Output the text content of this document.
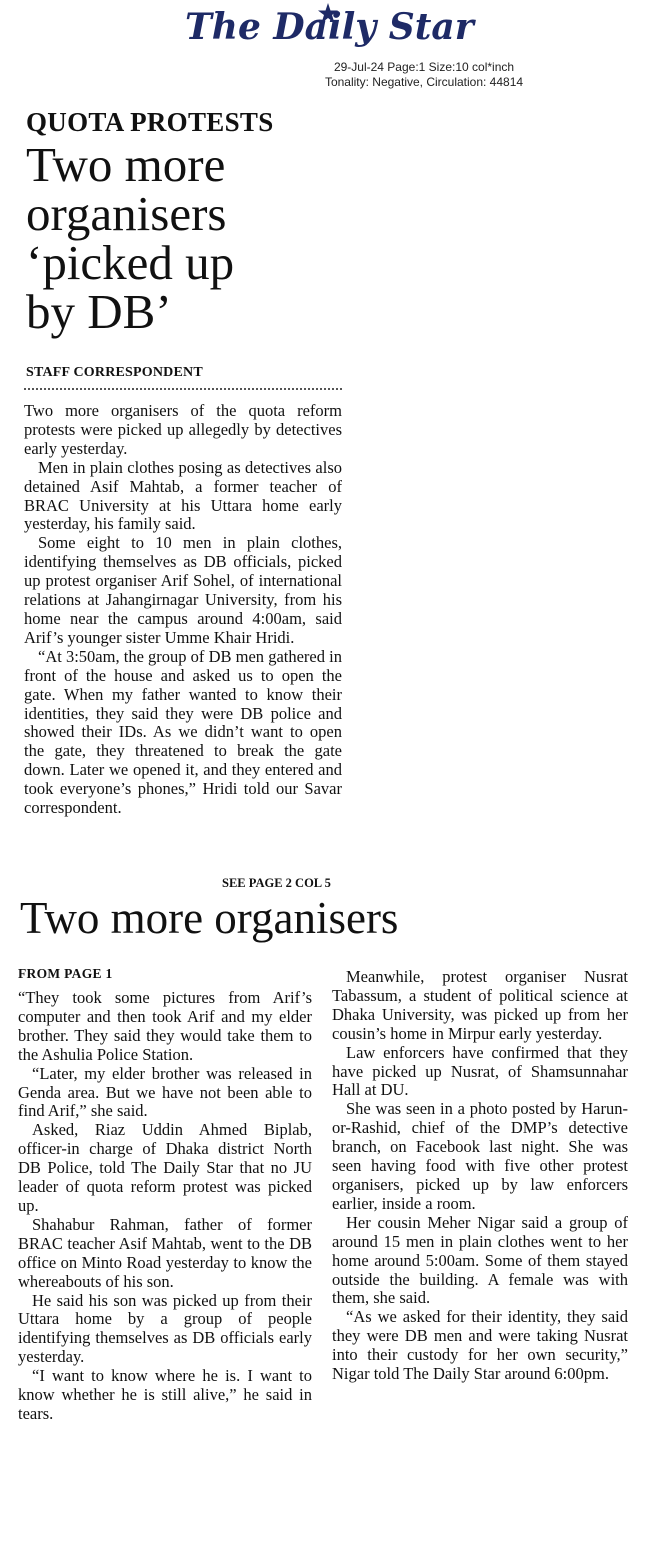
The Daily Star
29-Jul-24 Page:1 Size:10 col*inch
Tonality: Negative, Circulation: 44814
QUOTA PROTESTS
Two more
organisers
‘picked up
by DB’
STAFF CORRESPONDENT

Two more organisers of the quota reform protests were picked up allegedly by detectives early yesterday.

Men in plain clothes posing as detectives also detained Asif Mahtab, a former teacher of BRAC University at his Uttara home early yesterday, his family said.

Some eight to 10 men in plain clothes, identifying themselves as DB officials, picked up protest organiser Arif Sohel, of international relations at Jahangirnagar University, from his home near the campus around 4:00am, said Arif’s younger sister Umme Khair Hridi.

“At 3:50am, the group of DB men gathered in front of the house and asked us to open the gate. When my father wanted to know their identities, they said they were DB police and showed their IDs. As we didn’t want to open the gate, they threatened to break the gate down. Later we opened it, and they entered and took everyone’s phones,” Hridi told our Savar correspondent.

SEE PAGE 2 COL 5
Two more organisers
FROM PAGE 1

“They took some pictures from Arif’s computer and then took Arif and my elder brother. They said they would take them to the Ashulia Police Station.

“Later, my elder brother was released in Genda area. But we have not been able to find Arif,” she said.

Asked, Riaz Uddin Ahmed Biplab, officer-in charge of Dhaka district North DB Police, told The Daily Star that no JU leader of quota reform protest was picked up.

Shahabur Rahman, father of former BRAC teacher Asif Mahtab, went to the DB office on Minto Road yesterday to know the whereabouts of his son.

He said his son was picked up from their Uttara home by a group of people identifying themselves as DB officials early yesterday.

“I want to know where he is. I want to know whether he is still alive,” he said in tears.

Meanwhile, protest organiser Nusrat Tabassum, a student of political science at Dhaka University, was picked up from her cousin’s home in Mirpur early yesterday.

Law enforcers have confirmed that they have picked up Nusrat, of Shamsunnahar Hall at DU.

She was seen in a photo posted by Harun-or-Rashid, chief of the DMP’s detective branch, on Facebook last night. She was seen having food with five other protest organisers, picked up by law enforcers earlier, inside a room.

Her cousin Meher Nigar said a group of around 15 men in plain clothes went to her home around 5:00am. Some of them stayed outside the building. A female was with them, she said.

“As we asked for their identity, they said they were DB men and were taking Nusrat into their custody for her own security,” Nigar told The Daily Star around 6:00pm.
